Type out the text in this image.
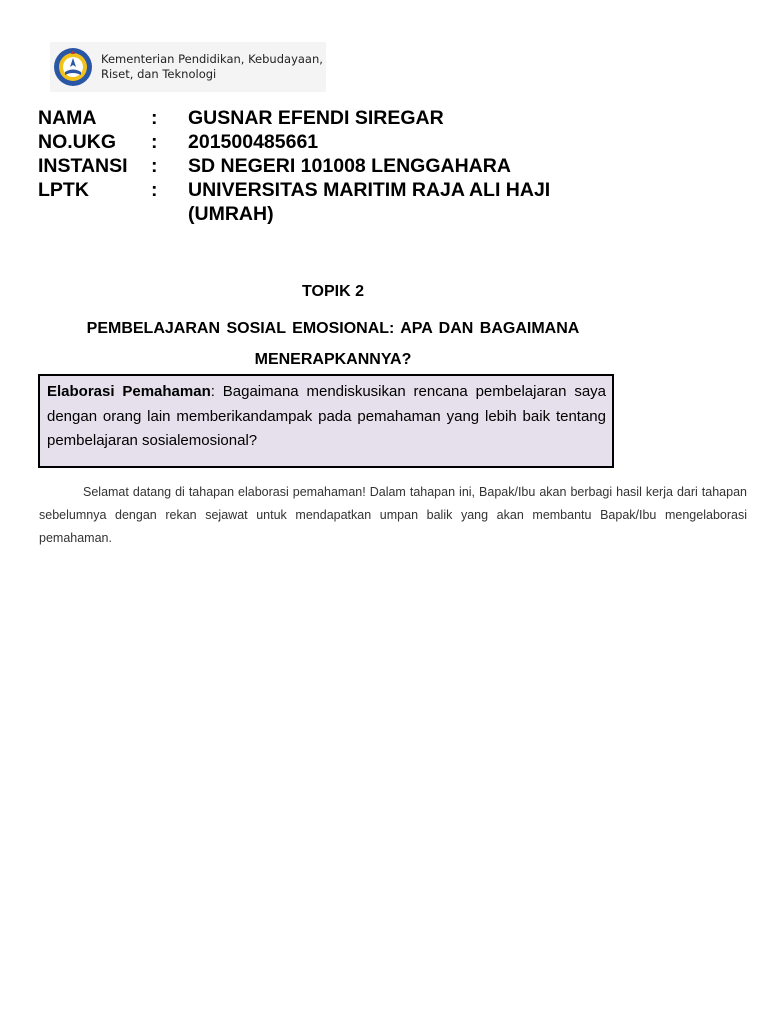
Kementerian Pendidikan, Kebudayaan,
Riset, dan Teknologi
NAMA	:	GUSNAR EFENDI SIREGAR
NO.UKG	:	201500485661
INSTANSI	:	SD NEGERI 101008 LENGGAHARA
LPTK	:	UNIVERSITAS MARITIM RAJA ALI HAJI (UMRAH)
TOPIK 2
PEMBELAJARAN SOSIAL EMOSIONAL: APA DAN BAGAIMANA MENERAPKANNYA?
Elaborasi Pemahaman: Bagaimana mendiskusikan rencana pembelajaran saya dengan orang lain memberikandampak pada pemahaman yang lebih baik tentang pembelajaran sosialemosional?

Selamat datang di tahapan elaborasi pemahaman! Dalam tahapan ini, Bapak/Ibu akan berbagi hasil kerja dari tahapan sebelumnya dengan rekan sejawat untuk mendapatkan umpan balik yang akan membantu Bapak/Ibu mengelaborasi pemahaman.
